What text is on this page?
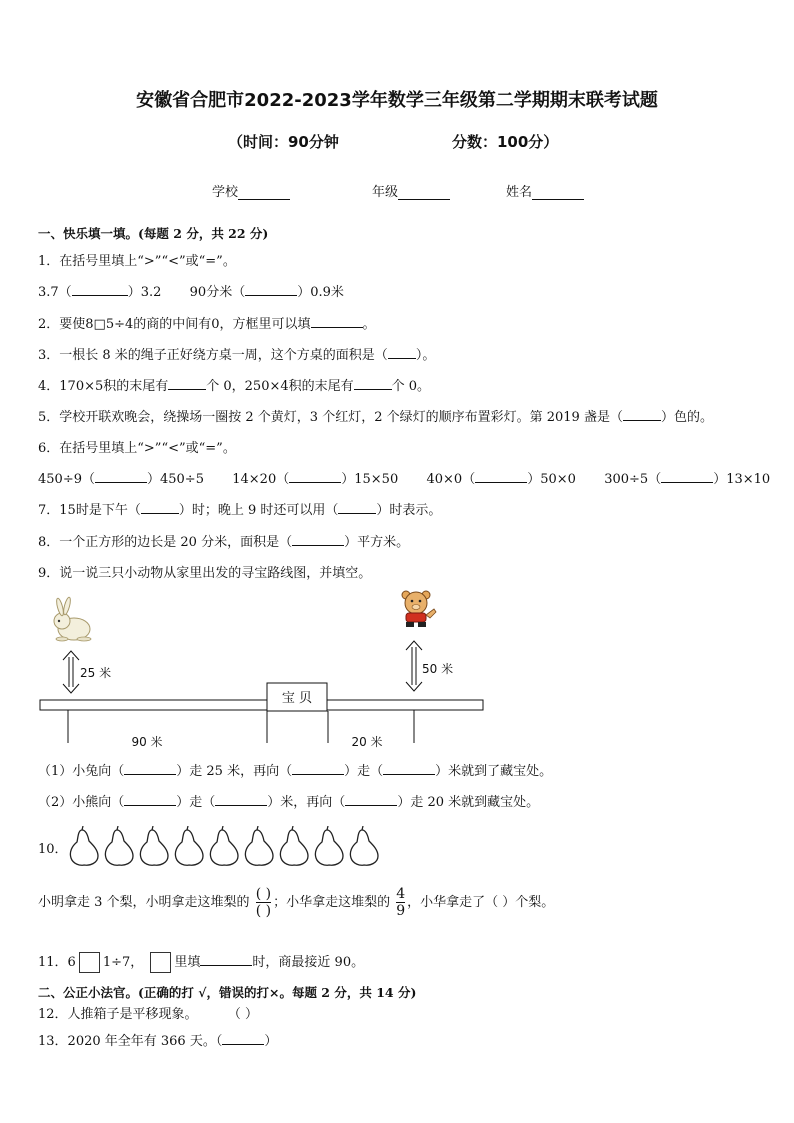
安徽省合肥市2022-2023学年数学三年级第二学期期末联考试题
（时间：90分钟	分数：100分）
学校	年级	姓名
一、快乐填一填。(每题 2 分，共 22 分)
1．在括号里填上“>”“<”或“=”。
3.7（	）3.2 90分米（	）0.9米
2．要使8□5÷4的商的中间有0，方框里可以填	。
3．一根长 8 米的绳子正好绕方桌一周，这个方桌的面积是（ ）。
4．170×5积的末尾有	个 0，250×4积的末尾有	个 0。
5．学校开联欢晚会，绕操场一圈按 2 个黄灯，3 个红灯，2 个绿灯的顺序布置彩灯。第 2019 盏是（	）色的。
6．在括号里填上“>”“<”或“=”。
450÷9（	）450÷5 14×20（	）15×50 40×0（	）50×0 300÷5（	）13×10
7．15时是下午（	）时；晚上 9 时还可以用（	）时表示。
8．一个正方形的边长是 20 分米，面积是（	）平方米。
9．说一说三只小动物从家里出发的寻宝路线图，并填空。
25 米	50 米
宝 贝
90 米	20 米
（1）小兔向（	）走 25 米，再向（	）走（	）米就到了藏宝处。
（2）小熊向（	）走（	）米，再向（	）走 20 米就到藏宝处。
10．
小明拿走 3 个梨，小明拿走这堆梨的 $\frac{( )}{( )}$ ；小华拿走这堆梨的 $\frac{4}{9}$ ，小华拿走了（ ）个梨。
11．6 1÷7， 里填	时，商最接近 90。
二、公正小法官。(正确的打 √，错误的打×。每题 2 分，共 14 分)
12．人推箱子是平移现象。 （ ）
13．2020 年全年有 366 天。（	）
